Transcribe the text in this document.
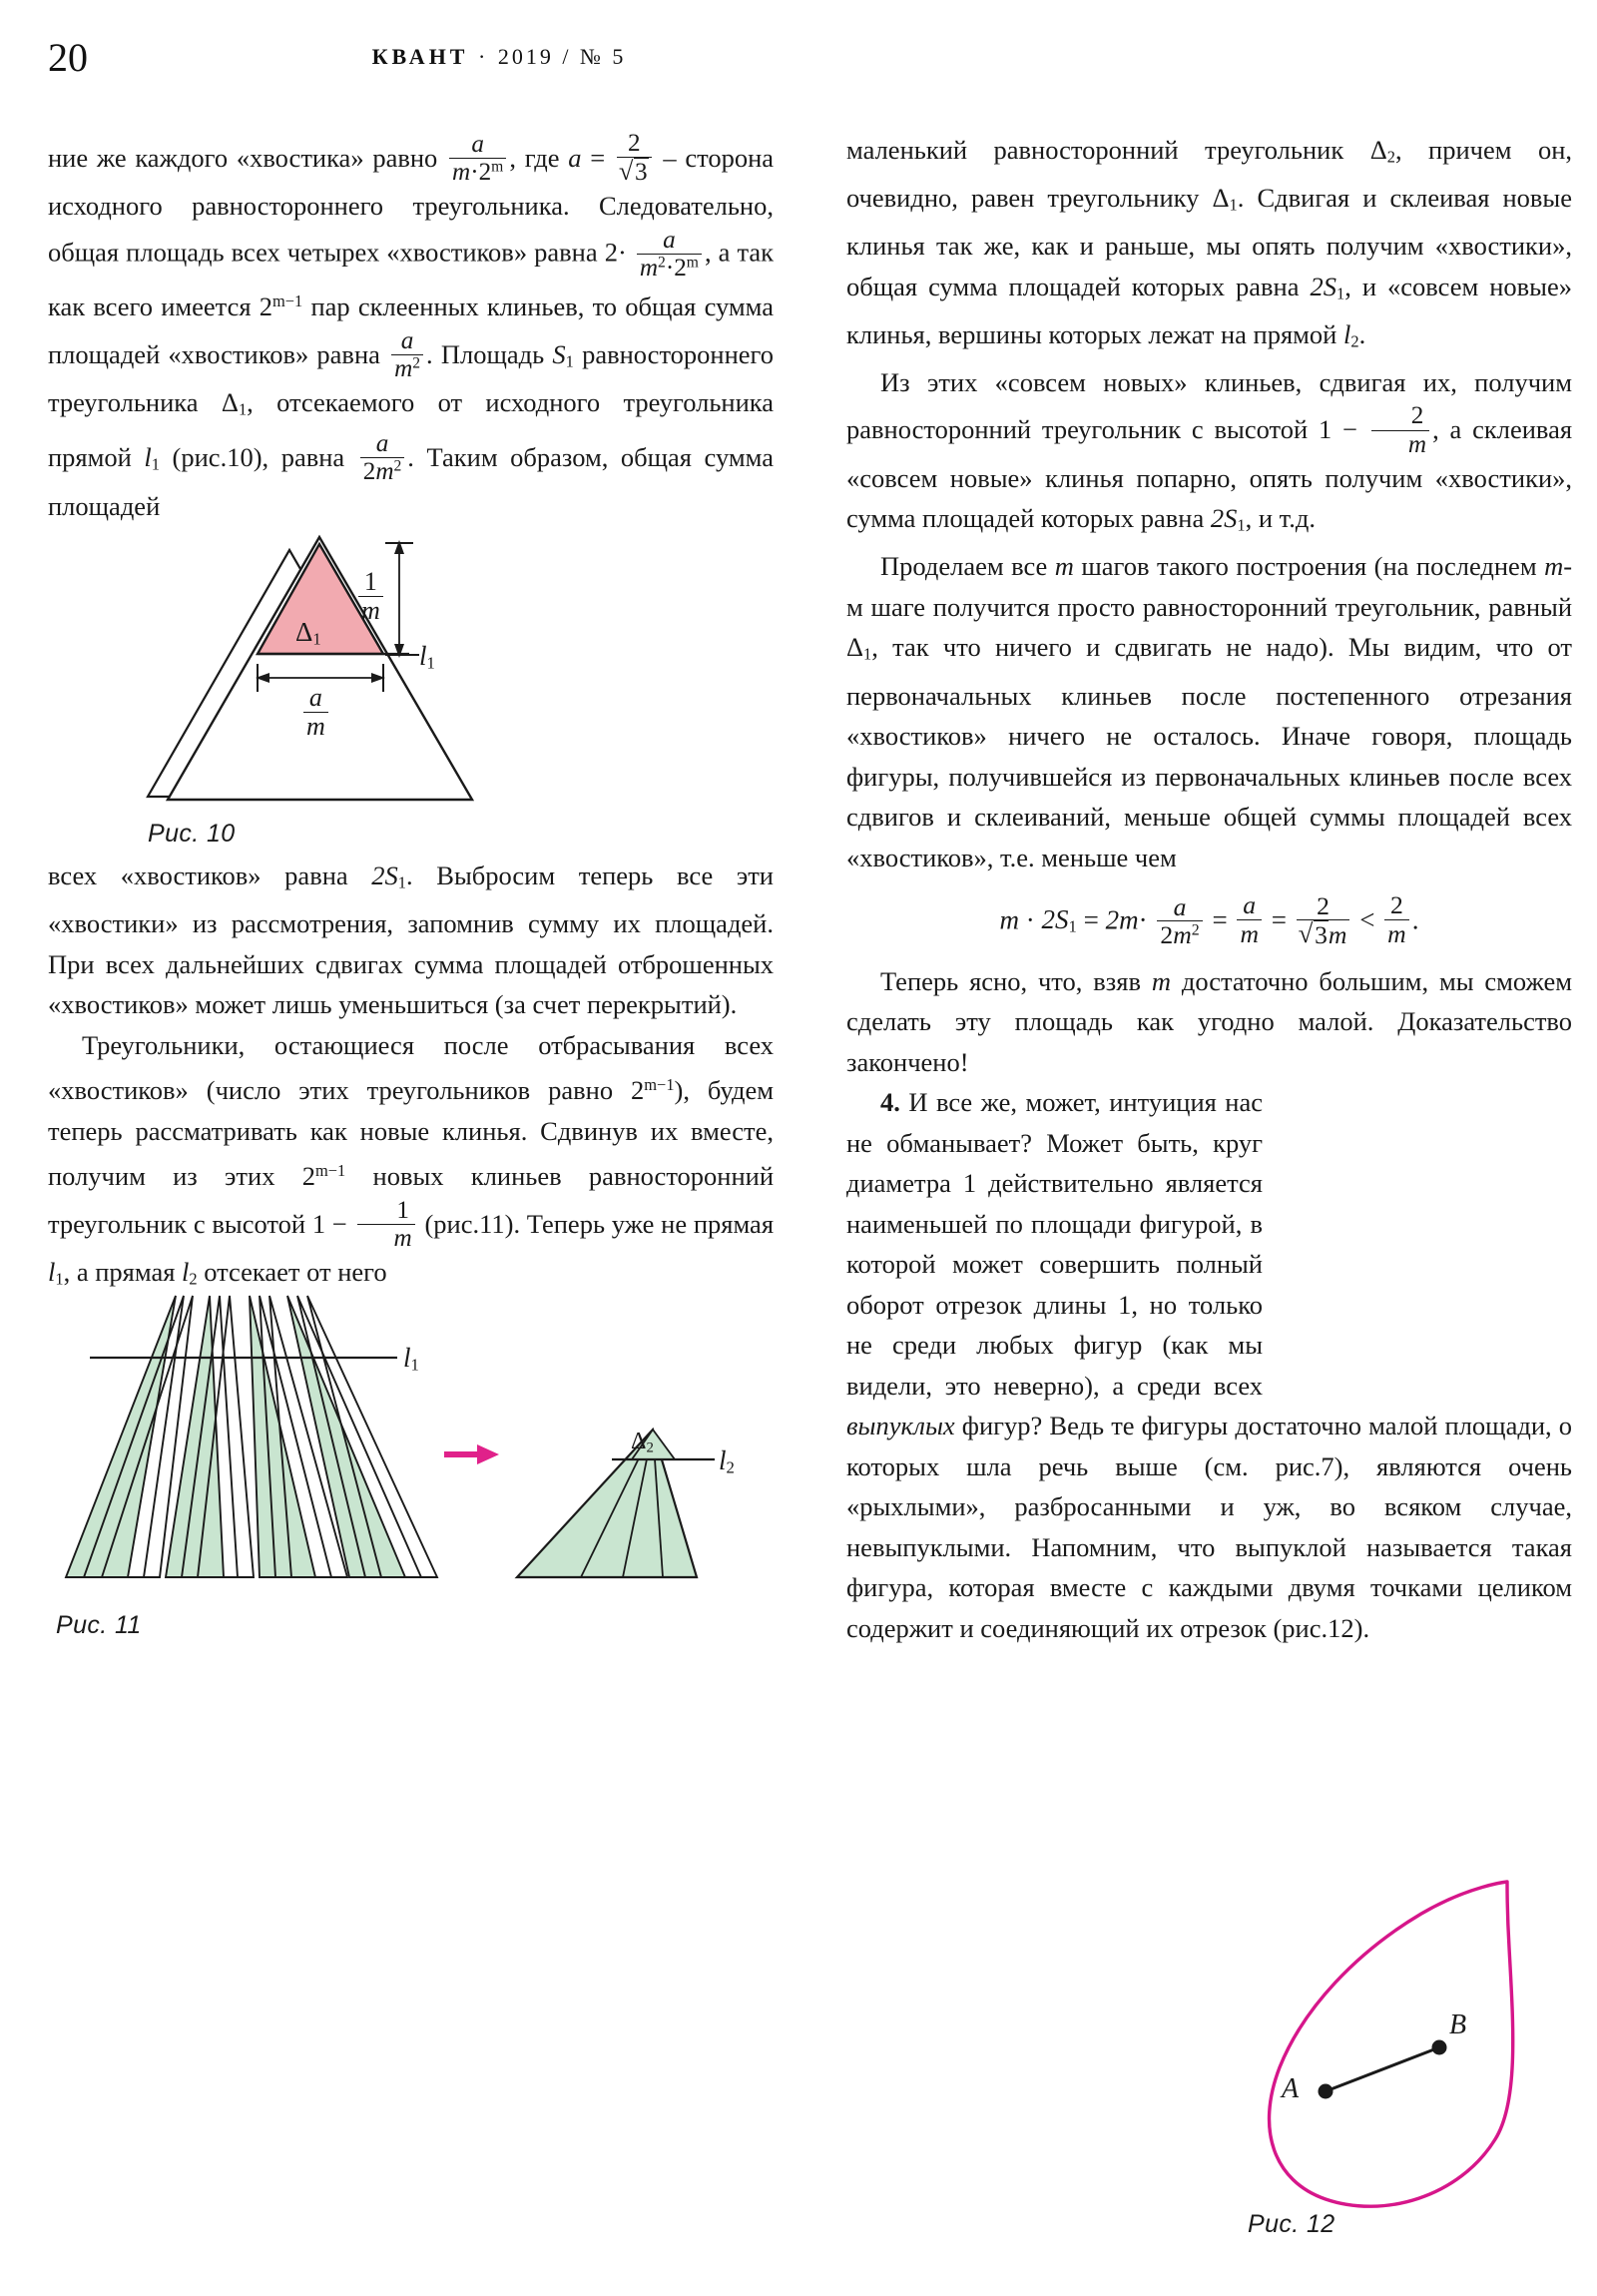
20	КВАНТ · 2019 / № 5

ние же каждого «хвостика» равно $\frac{a}{m\cdot 2^m}$ , где a = 2
√ 3 – сторона исходного равностороннего треугольника. Следовательно, общая площадь всех четырех «хвостиков» равна $2\cdot \frac{a}{m^2\cdot 2^m}$ , а так как всего имеется $2^{m-1}$ пар склеенных клиньев, то общая сумма площадей «хвостиков» равна $\frac{a}{m^2}$ . Площадь $S_1$ равностороннего треугольника $\Delta_1$, отсекаемого от исходного треугольника прямой $l_1$ (рис.10), равна $\frac{a}{2m^2}$ . Таким образом, общая сумма площадей

$\Delta_1$
$\frac{1}{m}$
$\frac{a}{m}$
$l_1$
Рис. 10

всех «хвостиков» равна $2S_1$. Выбросим теперь все эти «хвостики» из рассмотрения, запомнив сумму их площадей. При всех дальнейших сдвигах сумма площадей отброшенных «хвостиков» может лишь уменьшиться (за счет перекрытий).

Треугольники, остающиеся после отбрасывания всех «хвостиков» (число этих треугольников равно $2^{m-1}$), будем теперь рассматривать как новые клинья. Сдвинув их вместе, получим из этих $2^{m-1}$ новых клиньев равносторонний треугольник с высотой $1 - \frac{1}{m} (рис.11)$. Теперь уже не прямая $l_1$, а прямая $l_2$ отсекает от него

$l_1$
$l_2$
$\Delta_2$
Рис. 11

маленький равносторонний треугольник $\Delta_2$, причем он, очевидно, равен треугольнику $\Delta_1$. Сдвигая и склеивая новые клинья так же, как и раньше, мы опять получим «хвостики», общая сумма площадей которых равна $2S_1$, и «совсем новые» клинья, вершины которых лежат на прямой $l_2$.

Из этих «совсем новых» клиньев, сдвигая их, получим равносторонний треугольник с высотой $1 - \frac{2}{m}$ , а склеивая «совсем новые» клинья попарно, опять получим «хвостики», сумма площадей которых равна $2S_1$, и т.д.

Проделаем все m шагов такого построения (на последнем m-м шаге получится просто равносторонний треугольник, равный $\Delta_1$, так что ничего и сдвигать не надо). Мы видим, что от первоначальных клиньев после постепенного отрезания «хвостиков» ничего не осталось. Иначе говоря, площадь фигуры, получившейся из первоначальных клиньев после всех сдвигов и склеиваний, меньше общей суммы площадей всех «хвостиков», т.е. меньше чем

$m \cdot 2S_1 = 2m\cdot \frac{a}{2m^2} = \frac{a}{m} = 2$
√ $3m < \frac{2}{m}$ .

Теперь ясно, что, взяв m достаточно большим, мы сможем сделать эту площадь как угодно малой. Доказательство закончено!

4. И все же, может, интуиция нас не обманывает? Может быть, круг диаметра 1 действительно является наименьшей по площади фигурой, в которой может совершить полный оборот отрезок длины 1, но только не среди любых фигур (как мы видели, это неверно), а среди всех выпуклых фигур? Ведь те фигуры достаточно малой площади, о которых шла речь выше (см. рис.7), являются очень «рыхлыми», разбросанными и уж, во всяком случае, невыпуклыми. Напомним, что выпуклой называется такая фигура, которая вместе с каждыми двумя точками целиком содержит и соединяющий их отрезок (рис.12).

A
B
Рис. 12
